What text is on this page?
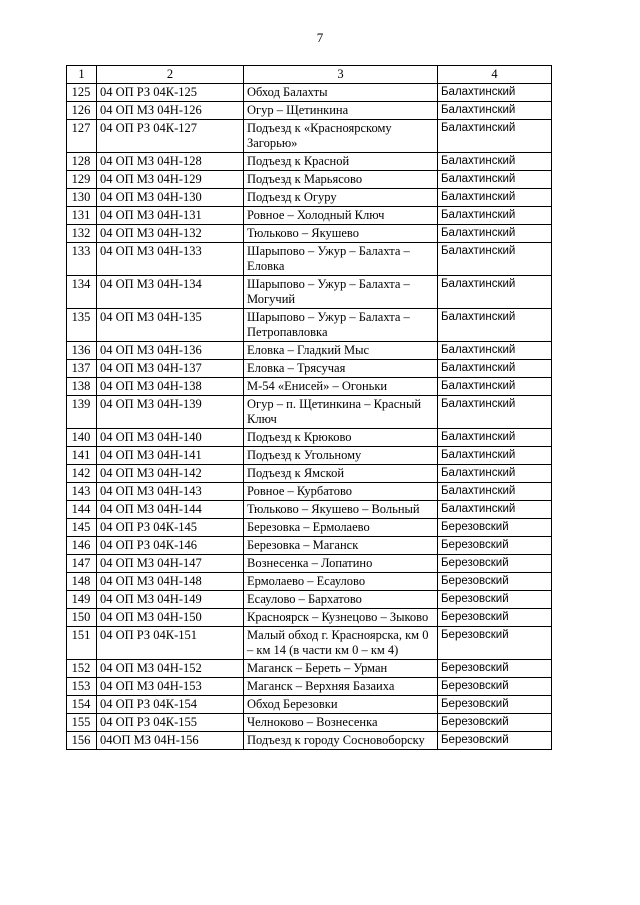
7
1	2	3	4
125	04 ОП РЗ 04К-125	Обход Балахты	Балахтинский
126	04 ОП МЗ 04Н-126	Огур – Щетинкина	Балахтинский
127	04 ОП РЗ 04К-127	Подъезд к «Красноярскому Загорью»	Балахтинский
128	04 ОП МЗ 04Н-128	Подъезд к Красной	Балахтинский
129	04 ОП МЗ 04Н-129	Подъезд к Марьясово	Балахтинский
130	04 ОП МЗ 04Н-130	Подъезд к Огуру	Балахтинский
131	04 ОП МЗ 04Н-131	Ровное – Холодный Ключ	Балахтинский
132	04 ОП МЗ 04Н-132	Тюльково – Якушево	Балахтинский
133	04 ОП МЗ 04Н-133	Шарыпово – Ужур – Балахта – Еловка	Балахтинский
134	04 ОП МЗ 04Н-134	Шарыпово – Ужур – Балахта – Могучий	Балахтинский
135	04 ОП МЗ 04Н-135	Шарыпово – Ужур – Балахта – Петропавловка	Балахтинский
136	04 ОП МЗ 04Н-136	Еловка – Гладкий Мыс	Балахтинский
137	04 ОП МЗ 04Н-137	Еловка – Трясучая	Балахтинский
138	04 ОП МЗ 04Н-138	М-54 «Енисей» – Огоньки	Балахтинский
139	04 ОП МЗ 04Н-139	Огур – п. Щетинкина – Красный Ключ	Балахтинский
140	04 ОП МЗ 04Н-140	Подъезд к Крюково	Балахтинский
141	04 ОП МЗ 04Н-141	Подъезд к Угольному	Балахтинский
142	04 ОП МЗ 04Н-142	Подъезд к Ямской	Балахтинский
143	04 ОП МЗ 04Н-143	Ровное – Курбатово	Балахтинский
144	04 ОП МЗ 04Н-144	Тюльково – Якушево – Вольный	Балахтинский
145	04 ОП РЗ 04К-145	Березовка – Ермолаево	Березовский
146	04 ОП РЗ 04К-146	Березовка – Маганск	Березовский
147	04 ОП МЗ 04Н-147	Вознесенка – Лопатино	Березовский
148	04 ОП МЗ 04Н-148	Ермолаево – Есаулово	Березовский
149	04 ОП МЗ 04Н-149	Есаулово – Бархатово	Березовский
150	04 ОП МЗ 04Н-150	Красноярск – Кузнецово – Зыково	Березовский
151	04 ОП РЗ 04К-151	Малый обход г. Красноярска, км 0 – км 14 (в части км 0 – км 4)	Березовский
152	04 ОП МЗ 04Н-152	Маганск – Береть – Урман	Березовский
153	04 ОП МЗ 04Н-153	Маганск – Верхняя Базаиха	Березовский
154	04 ОП РЗ 04К-154	Обход Березовки	Березовский
155	04 ОП РЗ 04К-155	Челноково – Вознесенка	Березовский
156	04ОП МЗ 04Н-156	Подъезд к городу Сосновоборску	Березовский
